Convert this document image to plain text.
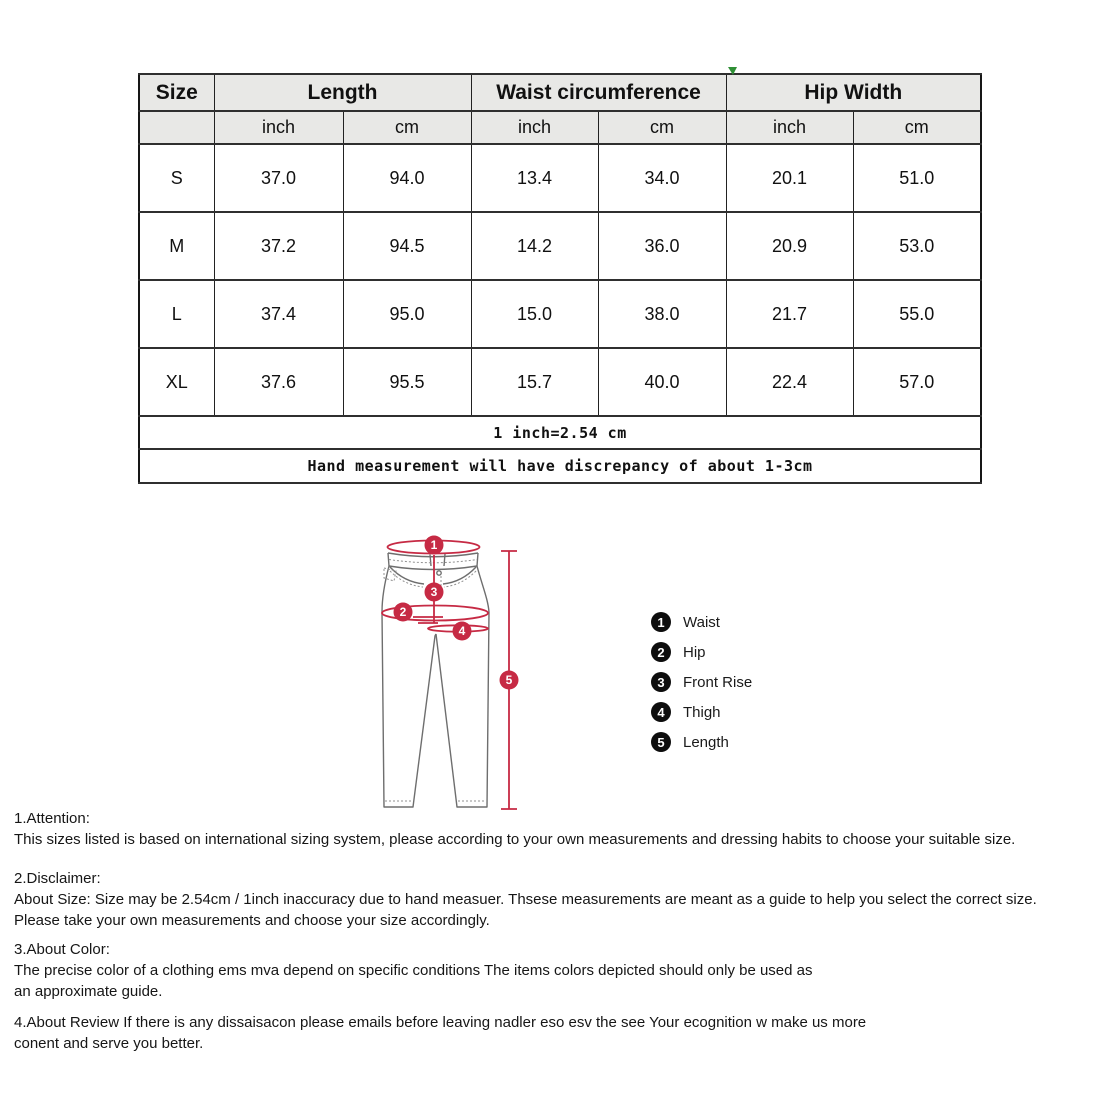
Size	Length		Waist circumference		Hip Width	
	inch	cm	inch	cm	inch	cm
S	37.0	94.0	13.4	34.0	20.1	51.0
M	37.2	94.5	14.2	36.0	20.9	53.0
L	37.4	95.0	15.0	38.0	21.7	55.0
XL	37.6	95.5	15.7	40.0	22.4	57.0
1 inch=2.54 cm						
Hand measurement will have discrepancy of about 1-3cm						
1
3
2
4
5
1	Waist
2	Hip
3	Front Rise
4	Thigh
5	Length
1.Attention:
This sizes listed is based on international sizing system, please according to your own measurements and dressing habits to choose your suitable size.
2.Disclaimer:
About Size: Size may be 2.54cm / 1inch inaccuracy due to hand measuer. Thsese measurements are meant as a guide to help you select the correct size.
Please take your own measurements and choose your size accordingly.
3.About Color:
The precise color of a clothing ems mva depend on specific conditions The items colors depicted should only be used as
an approximate guide.
4.About Review If there is any dissaisacon please emails before leaving nadler eso esv the see Your ecognition w make us more
conent and serve you better.
